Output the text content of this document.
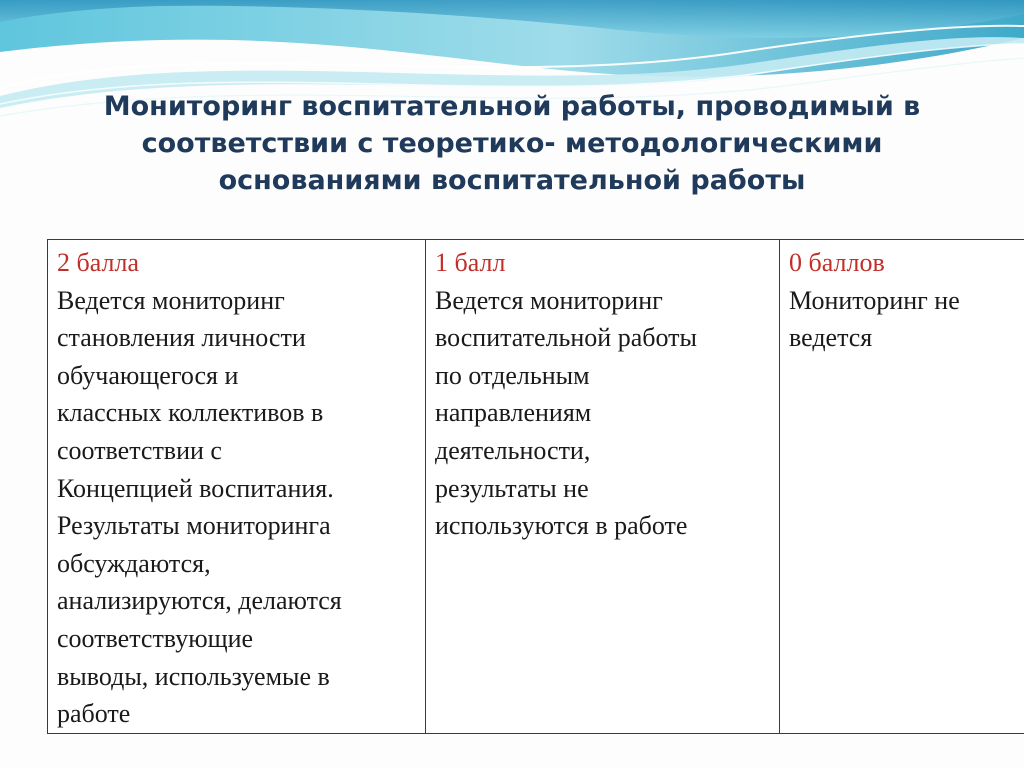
Мониторинг воспитательной работы, проводимый в
соответствии с теоретико- методологическими
основаниями воспитательной работы
2 балла
Ведется мониторинг
становления личности
обучающегося и
классных коллективов в
соответствии с
Концепцией воспитания.
Результаты мониторинга
обсуждаются,
анализируются, делаются
соответствующие
выводы, используемые в
работе

1 балл
Ведется мониторинг
воспитательной работы
по отдельным
направлениям
деятельности,
результаты не
используются в работе

0 баллов
Мониторинг не
ведется
